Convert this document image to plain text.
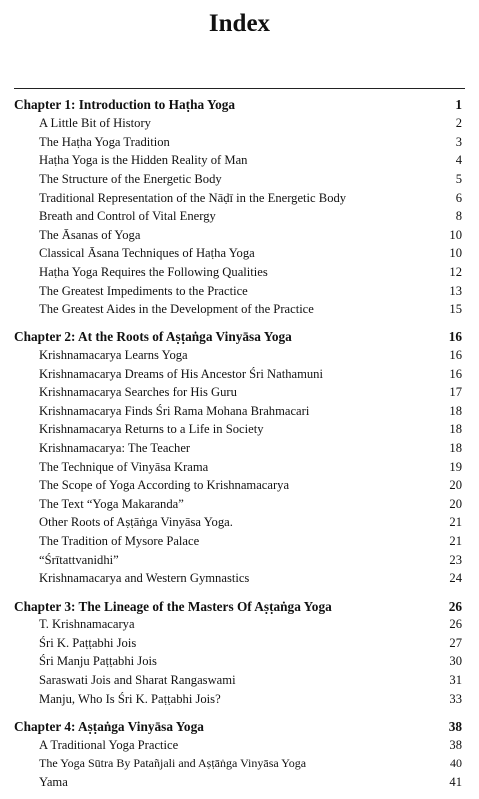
Index
Chapter 1: Introduction to Haṭha Yoga	1
A Little Bit of History	2
The Haṭha Yoga Tradition	3
Haṭha Yoga is the Hidden Reality of Man	4
The Structure of the Energetic Body	5
Traditional Representation of the Nāḍī in the Energetic Body	6
Breath and Control of Vital Energy	8
The Āsanas of Yoga	10
Classical Āsana Techniques of Haṭha Yoga	10
Haṭha Yoga Requires the Following Qualities	12
The Greatest Impediments to the Practice	13
The Greatest Aides in the Development of the Practice	15
Chapter 2: At the Roots of Aṣṭaṅga Vinyāsa Yoga	16
Krishnamacarya Learns Yoga	16
Krishnamacarya Dreams of His Ancestor Śri Nathamuni	16
Krishnamacarya Searches for His Guru	17
Krishnamacarya Finds Śri Rama Mohana Brahmacari	18
Krishnamacarya Returns to a Life in Society	18
Krishnamacarya: The Teacher	18
The Technique of Vinyāsa Krama	19
The Scope of Yoga According to Krishnamacarya	20
The Text “Yoga Makaranda”	20
Other Roots of Aṣṭāṅga Vinyāsa Yoga.	21
The Tradition of Mysore Palace	21
“Śrītattvanidhi”	23
Krishnamacarya and Western Gymnastics	24
Chapter 3: The Lineage of the Masters Of Aṣṭaṅga Yoga	26
T. Krishnamacarya	26
Śri K. Paṭṭabhi Jois	27
Śri Manju Paṭṭabhi Jois	30
Saraswati Jois and Sharat Rangaswami	31
Manju, Who Is Śri K. Paṭṭabhi Jois?	33
Chapter 4: Aṣṭaṅga Vinyāsa Yoga	38
A Traditional Yoga Practice	38
The Yoga Sūtra By Patañjali and Aṣṭāṅga Vinyāsa Yoga	40
Yama	41
